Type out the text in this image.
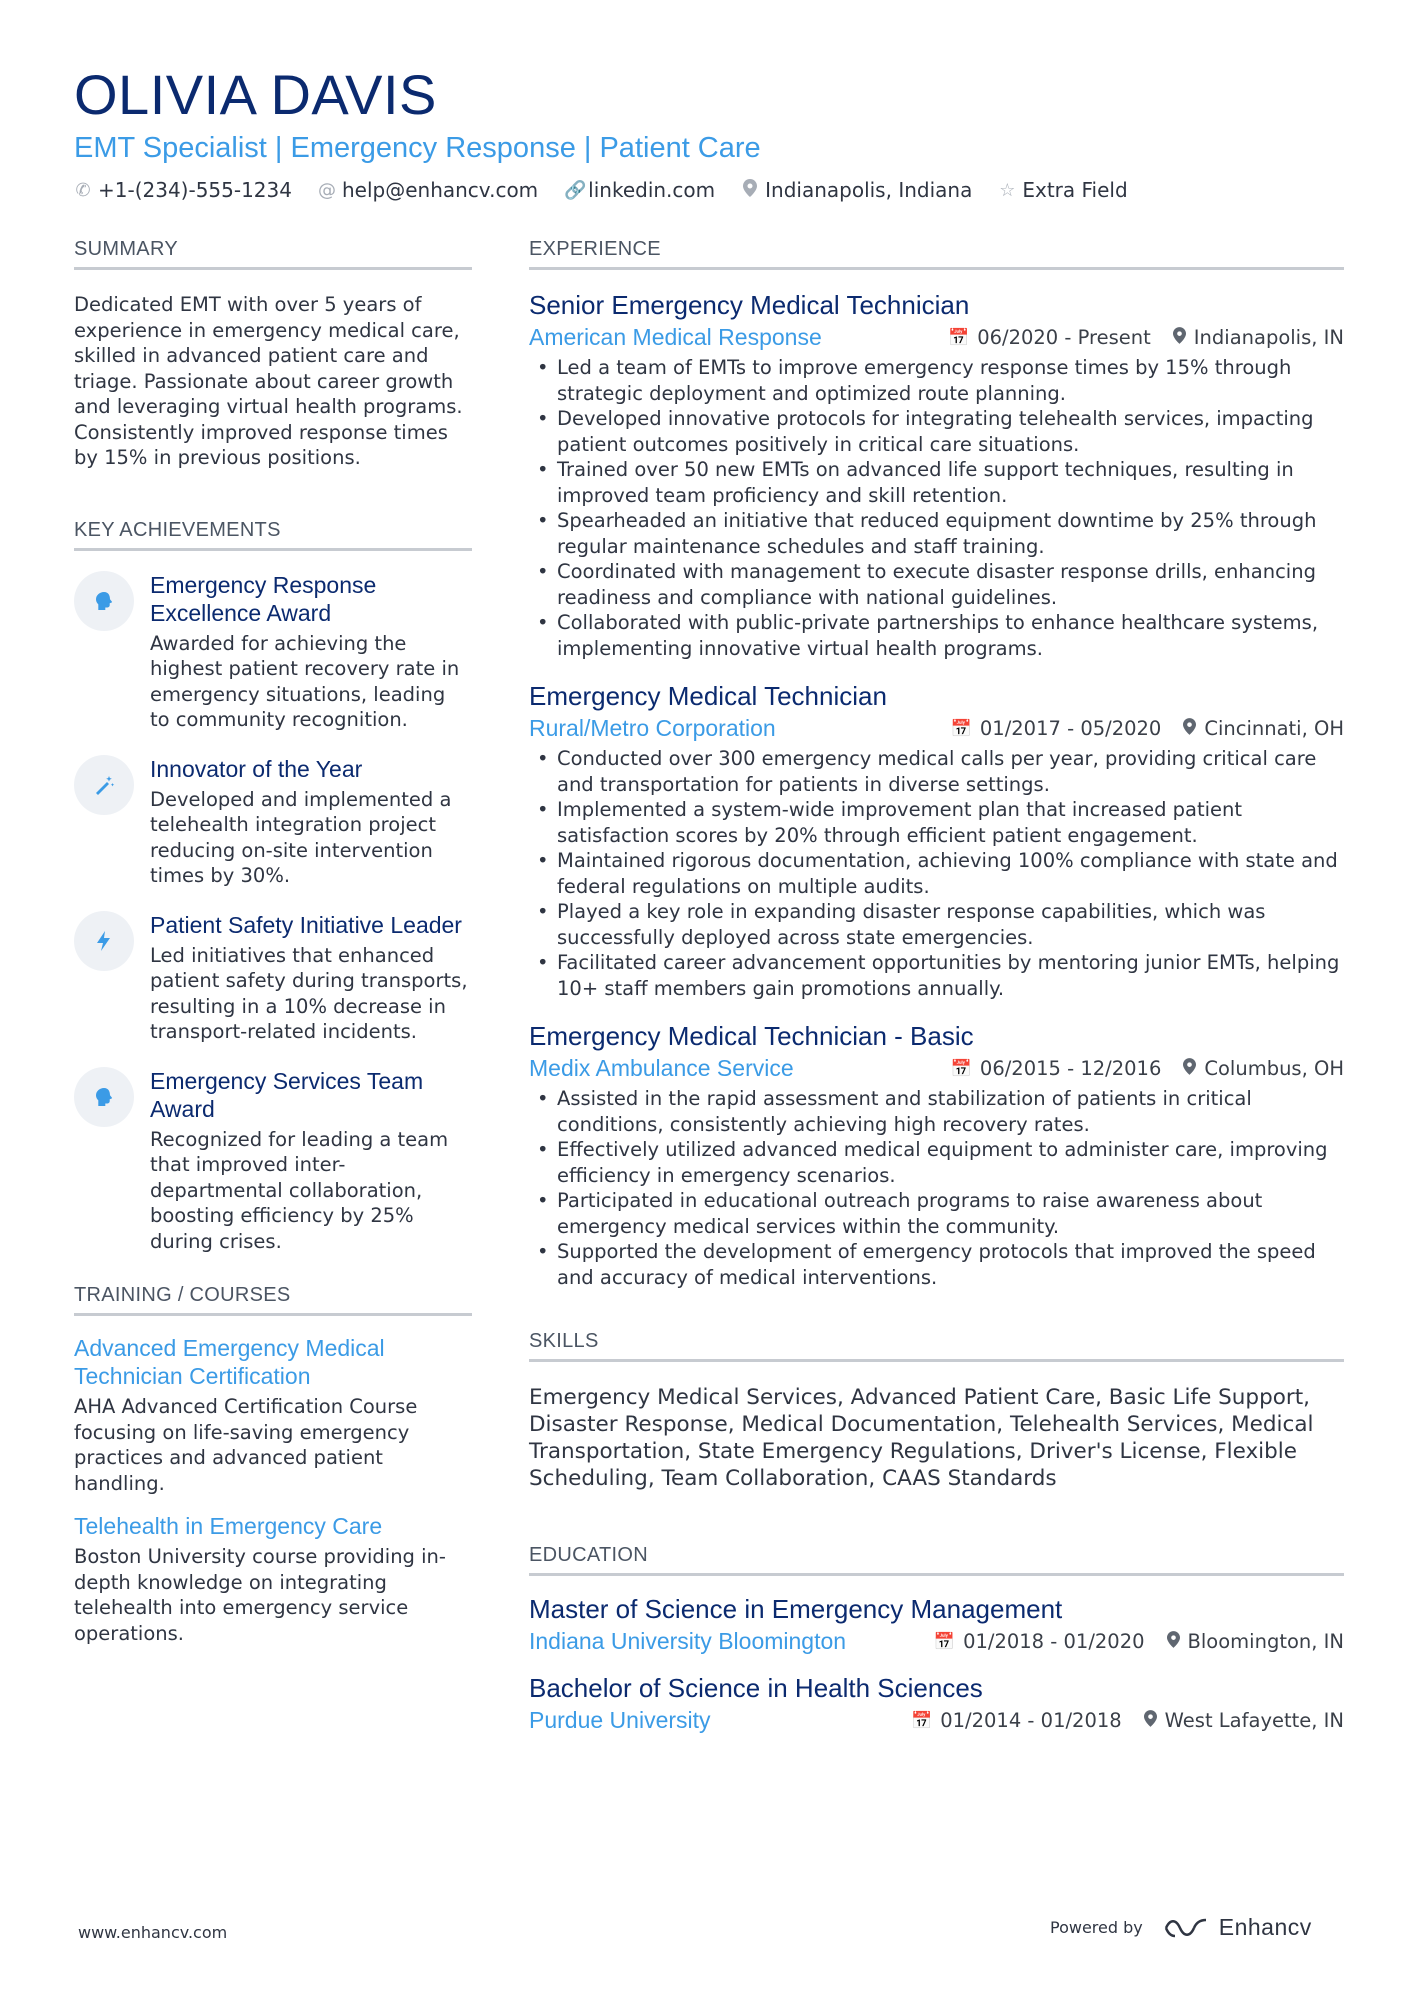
OLIVIA DAVIS
EMT Specialist | Emergency Response | Patient Care
✆ +1-(234)-555-1234 @ help@enhancv.com 🔗 linkedin.com	Indianapolis, Indiana ☆ Extra Field
SUMMARY
Dedicated EMT with over 5 years of experience in emergency medical care, skilled in advanced patient care and triage. Passionate about career growth and leveraging virtual health programs. Consistently improved response times by 15% in previous positions.
KEY ACHIEVEMENTS
Emergency Response Excellence Award
Awarded for achieving the highest patient recovery rate in emergency situations, leading to community recognition.
Innovator of the Year
Developed and implemented a telehealth integration project reducing on-site intervention times by 30%.
Patient Safety Initiative Leader
Led initiatives that enhanced patient safety during transports, resulting in a 10% decrease in transport-related incidents.
Emergency Services Team Award
Recognized for leading a team that improved inter-departmental collaboration, boosting efficiency by 25% during crises.
TRAINING / COURSES
Advanced Emergency Medical Technician Certification
AHA Advanced Certification Course focusing on life-saving emergency practices and advanced patient handling.
Telehealth in Emergency Care
Boston University course providing in-depth knowledge on integrating telehealth into emergency service operations.
EXPERIENCE
Senior Emergency Medical Technician
American Medical Response	📅 06/2020 - Present Indianapolis, IN
• Led a team of EMTs to improve emergency response times by 15% through strategic deployment and optimized route planning.
• Developed innovative protocols for integrating telehealth services, impacting patient outcomes positively in critical care situations.
• Trained over 50 new EMTs on advanced life support techniques, resulting in improved team proficiency and skill retention.
• Spearheaded an initiative that reduced equipment downtime by 25% through regular maintenance schedules and staff training.
• Coordinated with management to execute disaster response drills, enhancing readiness and compliance with national guidelines.
• Collaborated with public-private partnerships to enhance healthcare systems, implementing innovative virtual health programs.
Emergency Medical Technician
Rural/Metro Corporation	📅 01/2017 - 05/2020 Cincinnati, OH
• Conducted over 300 emergency medical calls per year, providing critical care and transportation for patients in diverse settings.
• Implemented a system-wide improvement plan that increased patient satisfaction scores by 20% through efficient patient engagement.
• Maintained rigorous documentation, achieving 100% compliance with state and federal regulations on multiple audits.
• Played a key role in expanding disaster response capabilities, which was successfully deployed across state emergencies.
• Facilitated career advancement opportunities by mentoring junior EMTs, helping 10+ staff members gain promotions annually.
Emergency Medical Technician - Basic
Medix Ambulance Service	📅 06/2015 - 12/2016 Columbus, OH
• Assisted in the rapid assessment and stabilization of patients in critical conditions, consistently achieving high recovery rates.
• Effectively utilized advanced medical equipment to administer care, improving efficiency in emergency scenarios.
• Participated in educational outreach programs to raise awareness about emergency medical services within the community.
• Supported the development of emergency protocols that improved the speed and accuracy of medical interventions.
SKILLS
Emergency Medical Services, Advanced Patient Care, Basic Life Support, Disaster Response, Medical Documentation, Telehealth Services, Medical Transportation, State Emergency Regulations, Driver's License, Flexible Scheduling, Team Collaboration, CAAS Standards
EDUCATION
Master of Science in Emergency Management
Indiana University Bloomington	📅 01/2018 - 01/2020 Bloomington, IN
Bachelor of Science in Health Sciences
Purdue University	📅 01/2014 - 01/2018 West Lafayette, IN
www.enhancv.com	Powered by	Enhancv
